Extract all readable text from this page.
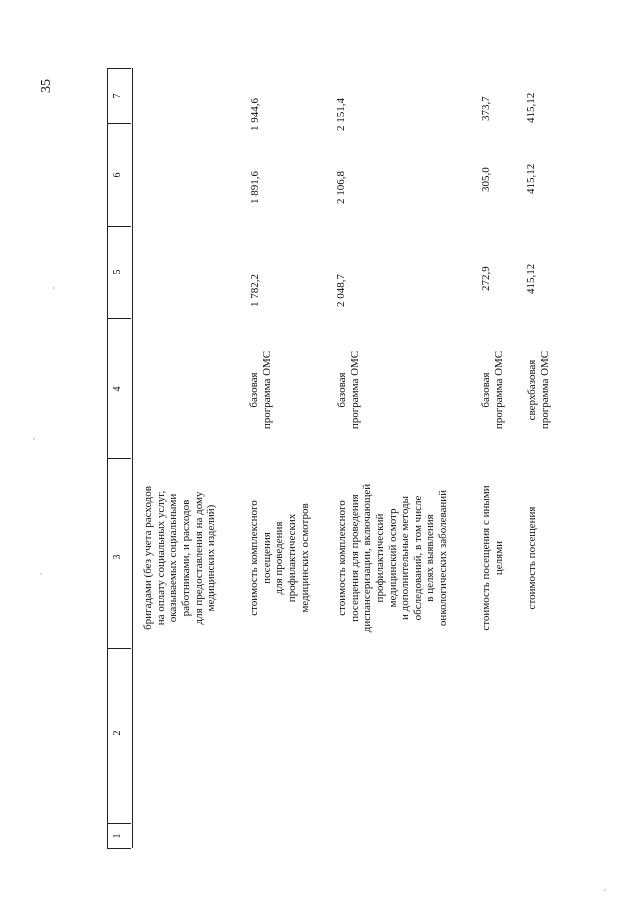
35
1
2
3
4
5
6
7
бригадами (без учета расходов
на оплату социальных услуг,
оказываемых социальными
работниками, и расходов
для предоставления на дому
медицинских изделий)
стоимость комплексного
посещения
для проведения
профилактических
медицинских осмотров
базовая
программа ОМС
1 782,2
1 891,6
1 944,6
стоимость комплексного
посещения для проведения
диспансеризации, включающей
профилактический
медицинский осмотр
и дополнительные методы
обследований, в том числе
в целях выявления
онкологических заболеваний
базовая
программа ОМС
2 048,7
2 106,8
2 151,4
стоимость посещения с иными
целями
базовая
программа ОМС
272,9
305,0
373,7
стоимость посещения
сверхбазовая
программа ОМС
415,12
415,12
415,12
